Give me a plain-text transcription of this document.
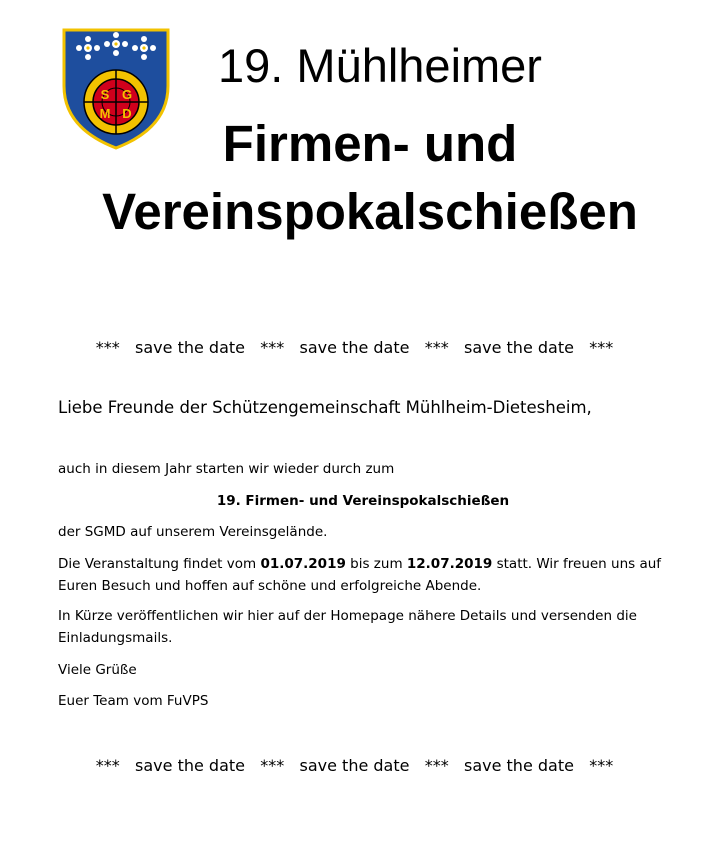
S G
M D
19. Mühlheimer
Firmen- und
Vereinspokalschießen
***   save the date   ***   save the date   ***   save the date   ***
Liebe Freunde der Schützengemeinschaft Mühlheim-Dietesheim,
auch in diesem Jahr starten wir wieder durch zum
19. Firmen- und Vereinspokalschießen
der SGMD auf unserem Vereinsgelände.
Die Veranstaltung findet vom 01.07.2019 bis zum 12.07.2019 statt. Wir freuen uns auf Euren Besuch und hoffen auf schöne und erfolgreiche Abende.
In Kürze veröffentlichen wir hier auf der Homepage nähere Details und versenden die Einladungsmails.
Viele Grüße
Euer Team vom FuVPS
***   save the date   ***   save the date   ***   save the date   ***
